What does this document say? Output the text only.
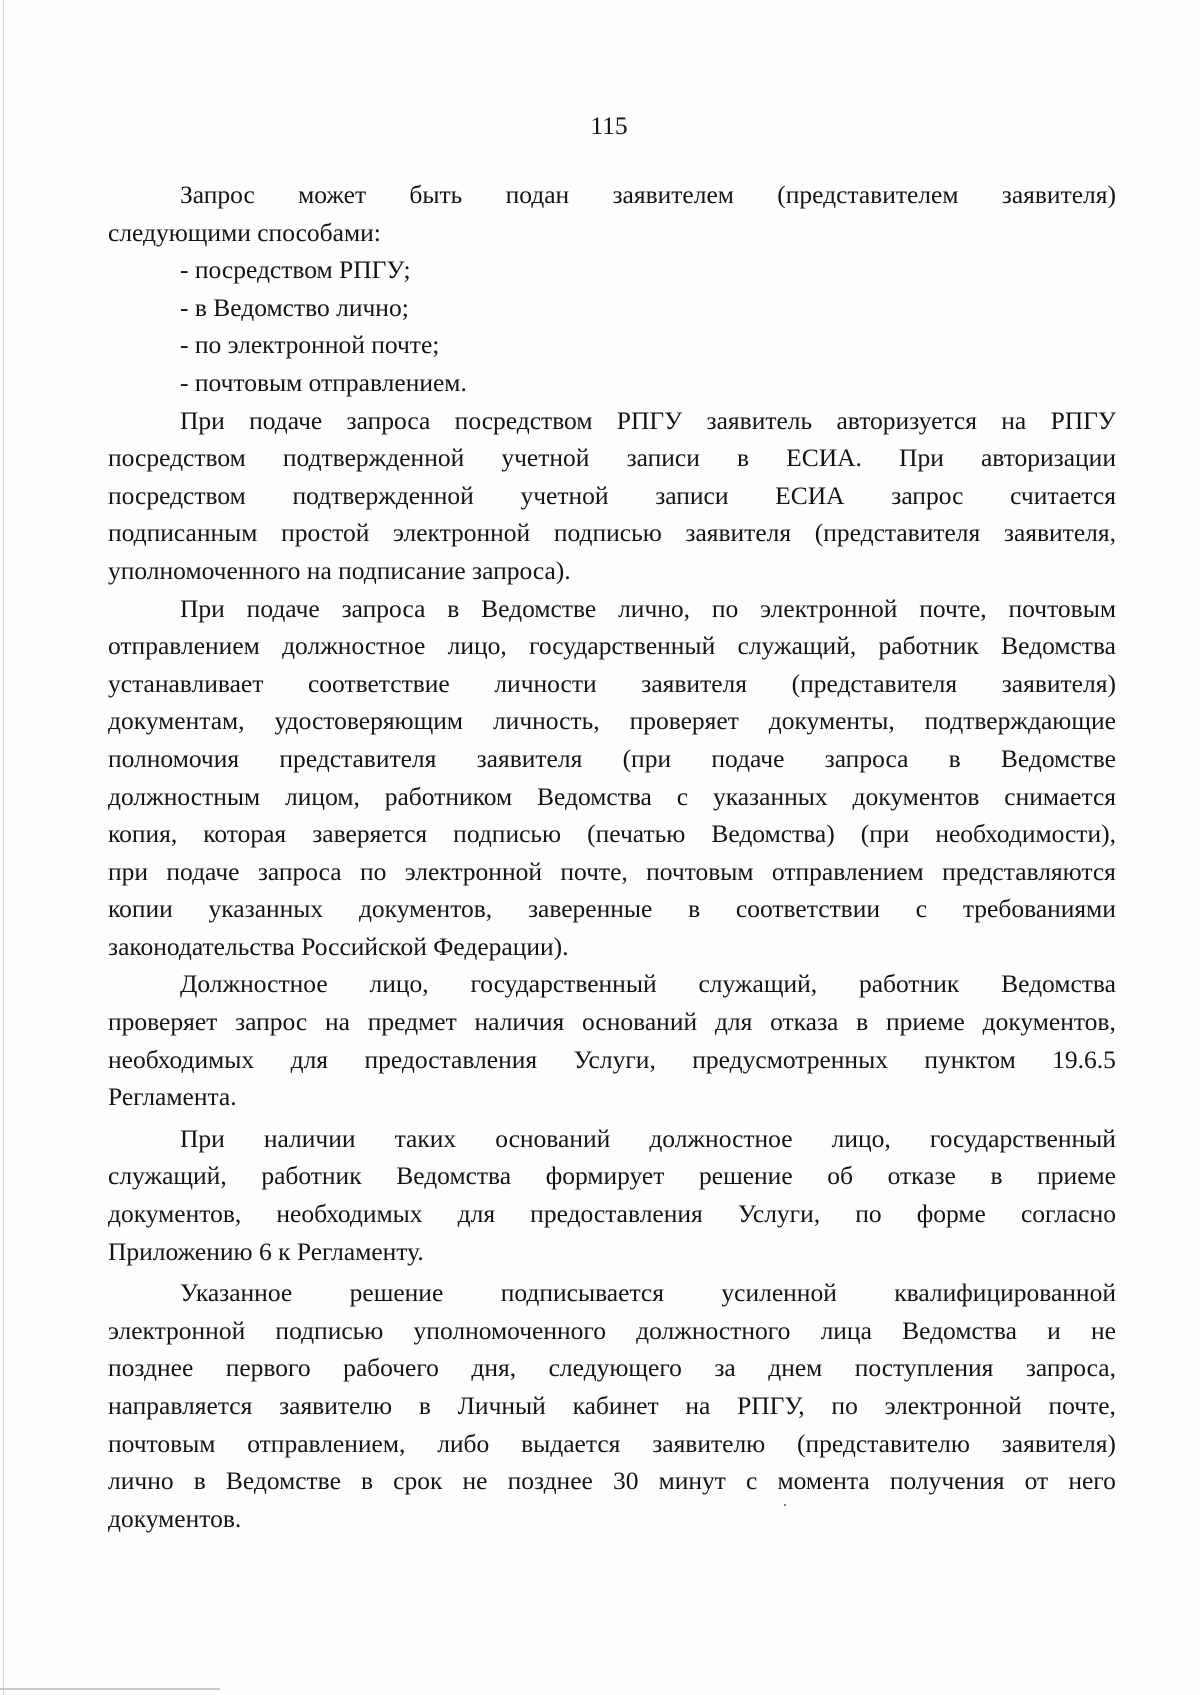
115
Запрос может быть подан заявителем (представителем заявителя)
следующими способами:
- посредством РПГУ;
- в Ведомство лично;
- по электронной почте;
- почтовым отправлением.
При подаче запроса посредством РПГУ заявитель авторизуется на РПГУ
посредством подтвержденной учетной записи в ЕСИА. При авторизации
посредством подтвержденной учетной записи ЕСИА запрос считается
подписанным простой электронной подписью заявителя (представителя заявителя,
уполномоченного на подписание запроса).
При подаче запроса в Ведомстве лично, по электронной почте, почтовым
отправлением должностное лицо, государственный служащий, работник Ведомства
устанавливает соответствие личности заявителя (представителя заявителя)
документам, удостоверяющим личность, проверяет документы, подтверждающие
полномочия представителя заявителя (при подаче запроса в Ведомстве
должностным лицом, работником Ведомства с указанных документов снимается
копия, которая заверяется подписью (печатью Ведомства) (при необходимости),
при подаче запроса по электронной почте, почтовым отправлением представляются
копии указанных документов, заверенные в соответствии с требованиями
законодательства Российской Федерации).
Должностное лицо, государственный служащий, работник Ведомства
проверяет запрос на предмет наличия оснований для отказа в приеме документов,
необходимых для предоставления Услуги, предусмотренных пунктом 19.6.5
Регламента.
При наличии таких оснований должностное лицо, государственный
служащий, работник Ведомства формирует решение об отказе в приеме
документов, необходимых для предоставления Услуги, по форме согласно
Приложению 6 к Регламенту.
Указанное решение подписывается усиленной квалифицированной
электронной подписью уполномоченного должностного лица Ведомства и не
позднее первого рабочего дня, следующего за днем поступления запроса,
направляется заявителю в Личный кабинет на РПГУ, по электронной почте,
почтовым отправлением, либо выдается заявителю (представителю заявителя)
лично в Ведомстве в срок не позднее 30 минут с момента получения от него
документов.
